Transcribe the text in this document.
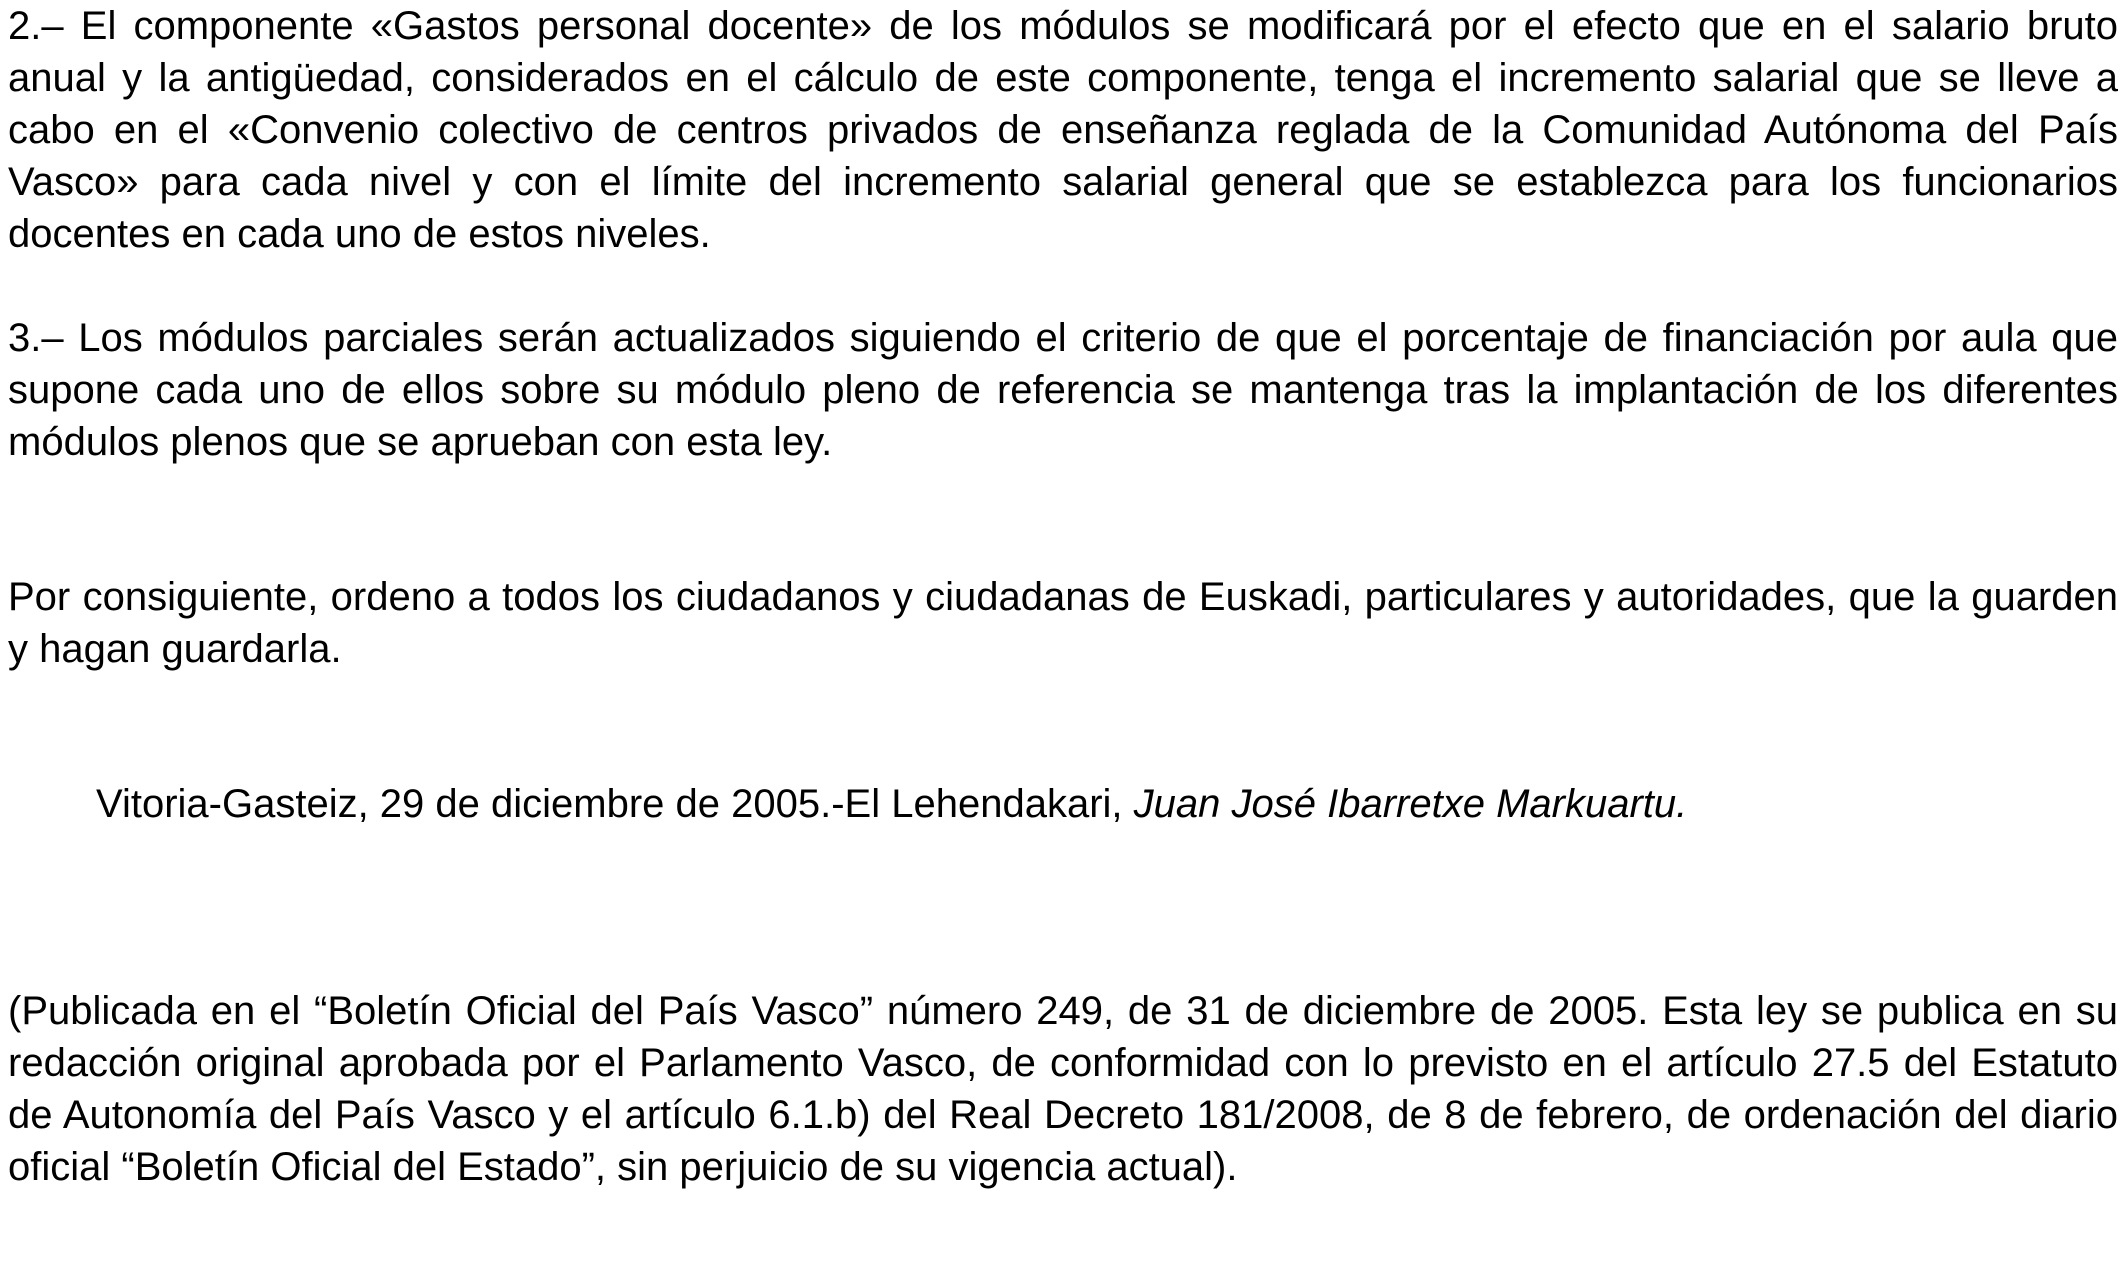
2.– El componente «Gastos personal docente» de los módulos se modificará por el efecto que en el salario bruto anual y la antigüedad, considerados en el cálculo de este componente, tenga el incremento salarial que se lleve a cabo en el «Convenio colectivo de centros privados de enseñanza reglada de la Comunidad Autónoma del País Vasco» para cada nivel y con el límite del incremento salarial general que se establezca para los funcionarios docentes en cada uno de estos niveles.

3.– Los módulos parciales serán actualizados siguiendo el criterio de que el porcentaje de financiación por aula que supone cada uno de ellos sobre su módulo pleno de referencia se mantenga tras la implantación de los diferentes módulos plenos que se aprueban con esta ley.

Por consiguiente, ordeno a todos los ciudadanos y ciudadanas de Euskadi, particulares y autoridades, que la guarden y hagan guardarla.

Vitoria-Gasteiz, 29 de diciembre de 2005.-El Lehendakari, Juan José Ibarretxe Markuartu.

(Publicada en el “Boletín Oficial del País Vasco” número 249, de 31 de diciembre de 2005. Esta ley se publica en su redacción original aprobada por el Parlamento Vasco, de conformidad con lo previsto en el artículo 27.5 del Estatuto de Autonomía del País Vasco y el artículo 6.1.b) del Real Decreto 181/2008, de 8 de febrero, de ordenación del diario oficial “Boletín Oficial del Estado”, sin perjuicio de su vigencia actual).
